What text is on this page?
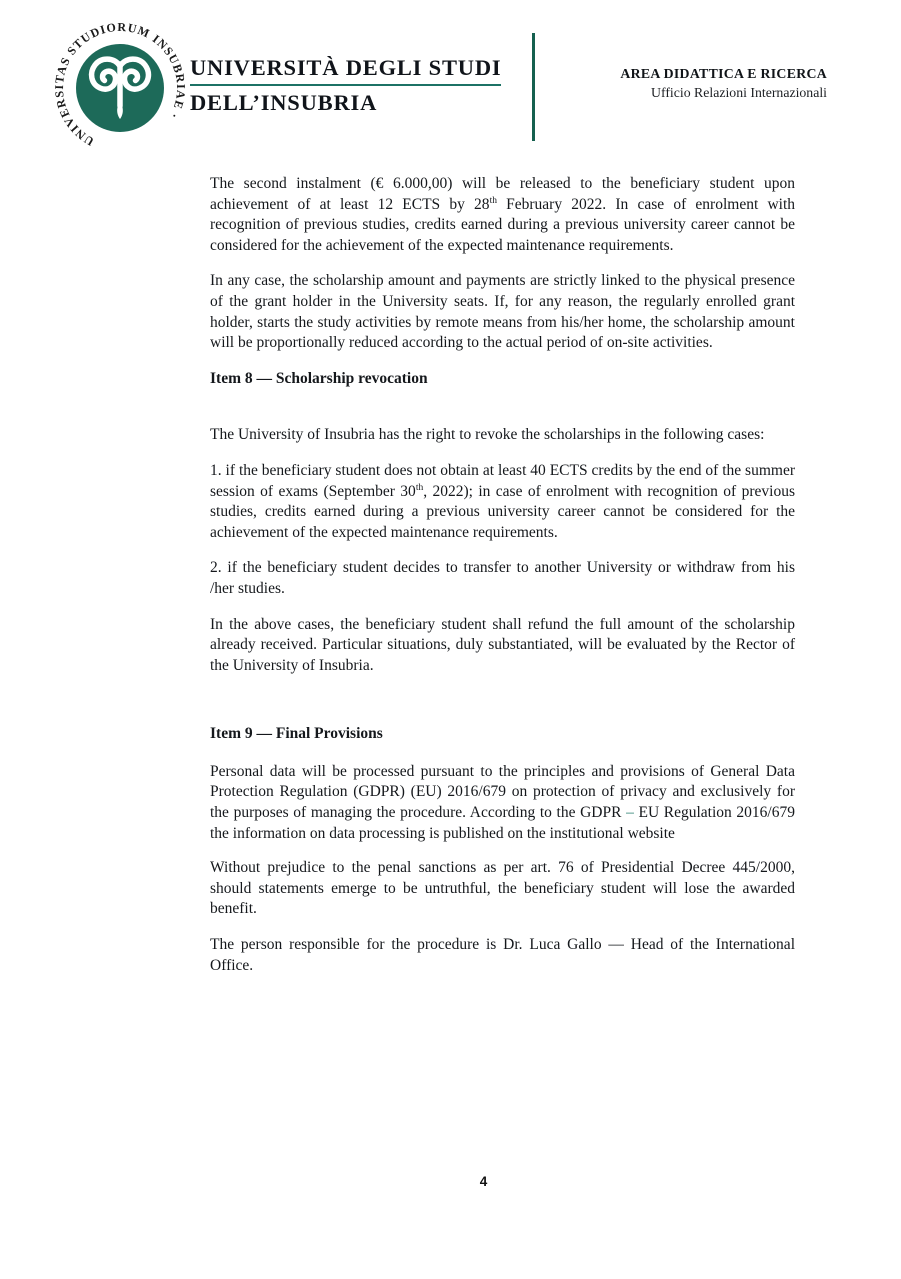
UNIVERSITAS STUDIORUM INSUBRIAE ·
UNIVERSITÀ DEGLI STUDI
DELL’INSUBRIA
AREA DIDATTICA E RICERCA
Ufficio Relazioni Internazionali

The second instalment (€ 6.000,00) will be released to the beneficiary student upon achievement of at least 12 ECTS by 28th February 2022. In case of enrolment with recognition of previous studies, credits earned during a previous university career cannot be considered for the achievement of the expected maintenance requirements.

In any case, the scholarship amount and payments are strictly linked to the physical presence of the grant holder in the University seats. If, for any reason, the regularly enrolled grant holder, starts the study activities by remote means from his/her home, the scholarship amount will be proportionally reduced according to the actual period of on-site activities.

Item 8 — Scholarship revocation

The University of Insubria has the right to revoke the scholarships in the following cases:

1. if the beneficiary student does not obtain at least 40 ECTS credits by the end of the summer session of exams (September 30th, 2022); in case of enrolment with recognition of previous studies, credits earned during a previous university career cannot be considered for the achievement of the expected maintenance requirements.

2. if the beneficiary student decides to transfer to another University or withdraw from his /her studies.

In the above cases, the beneficiary student shall refund the full amount of the scholarship already received. Particular situations, duly substantiated, will be evaluated by the Rector of the University of Insubria.

Item 9 — Final Provisions

Personal data will be processed pursuant to the principles and provisions of General Data Protection Regulation (GDPR) (EU) 2016/679 on protection of privacy and exclusively for the purposes of managing the procedure. According to the GDPR – EU Regulation 2016/679 the information on data processing is published on the institutional website

Without prejudice to the penal sanctions as per art. 76 of Presidential Decree 445/2000, should statements emerge to be untruthful, the beneficiary student will lose the awarded benefit.

The person responsible for the procedure is Dr. Luca Gallo — Head of the International Office.

4
